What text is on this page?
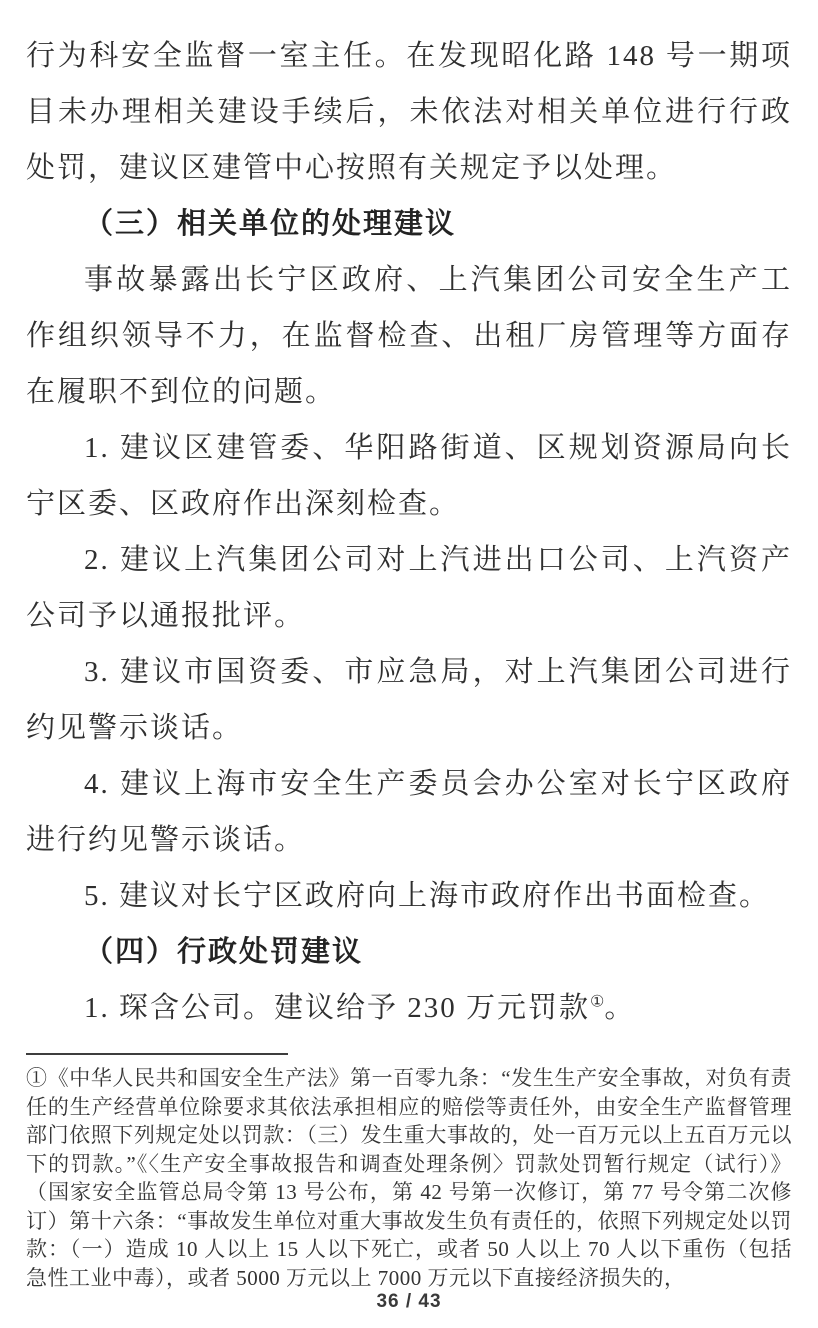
行为科安全监督一室主任。在发现昭化路 148 号一期项目未办理相关建设手续后，未依法对相关单位进行行政处罚，建议区建管中心按照有关规定予以处理。

（三）相关单位的处理建议

事故暴露出长宁区政府、上汽集团公司安全生产工作组织领导不力，在监督检查、出租厂房管理等方面存在履职不到位的问题。

1. 建议区建管委、华阳路街道、区规划资源局向长宁区委、区政府作出深刻检查。

2. 建议上汽集团公司对上汽进出口公司、上汽资产公司予以通报批评。

3. 建议市国资委、市应急局，对上汽集团公司进行约见警示谈话。

4. 建议上海市安全生产委员会办公室对长宁区政府进行约见警示谈话。

5. 建议对长宁区政府向上海市政府作出书面检查。

（四）行政处罚建议

1. 琛含公司。建议给予 230 万元罚款①。

①《中华人民共和国安全生产法》第一百零九条：“发生生产安全事故，对负有责任的生产经营单位除要求其依法承担相应的赔偿等责任外，由安全生产监督管理部门依照下列规定处以罚款：（三）发生重大事故的，处一百万元以上五百万元以下的罚款。”《〈生产安全事故报告和调查处理条例〉罚款处罚暂行规定（试行）》（国家安全监管总局令第 13 号公布，第 42 号第一次修订，第 77 号令第二次修订）第十六条：“事故发生单位对重大事故发生负有责任的，依照下列规定处以罚款：（一）造成 10 人以上 15 人以下死亡，或者 50 人以上 70 人以下重伤（包括急性工业中毒），或者 5000 万元以上 7000 万元以下直接经济损失的，

36 / 43
